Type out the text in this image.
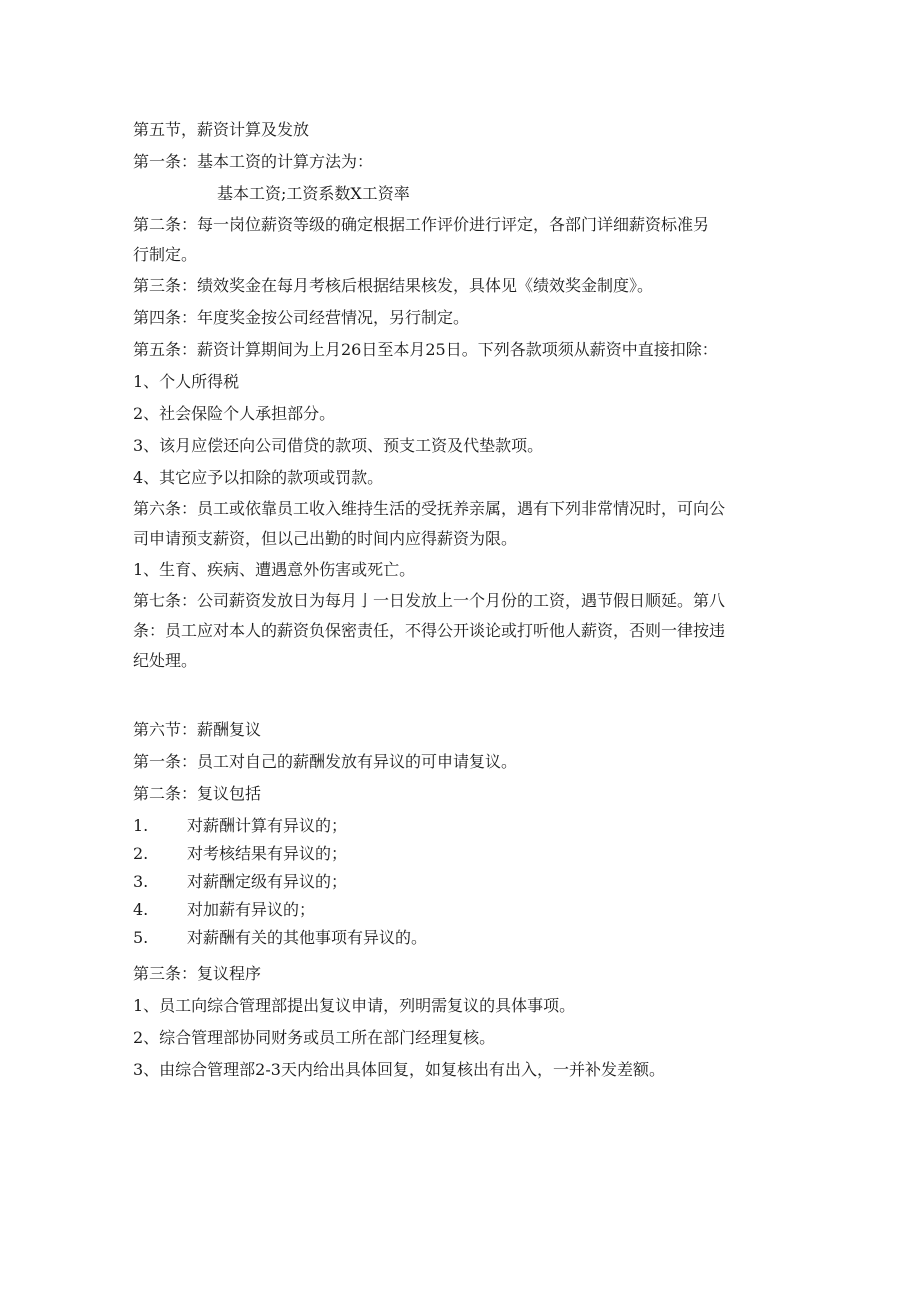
第五节，薪资计算及发放
第一条：基本工资的计算方法为：
基本工资;工资系数X工资率
第二条：每一岗位薪资等级的确定根据工作评价进行评定，各部门详细薪资标准另
行制定。
第三条：绩效奖金在每月考核后根据结果核发，具体见《绩效奖金制度》。
第四条：年度奖金按公司经营情况，另行制定。
第五条：薪资计算期间为上月26日至本月25日。下列各款项须从薪资中直接扣除：
1、个人所得税
2、社会保险个人承担部分。
3、该月应偿还向公司借贷的款项、预支工资及代垫款项。
4、其它应予以扣除的款项或罚款。
第六条：员工或依靠员工收入维持生活的受抚养亲属，遇有下列非常情况时，可向公
司申请预支薪资，但以己出勤的时间内应得薪资为限。
1、生育、疾病、遭遇意外伤害或死亡。
第七条：公司薪资发放日为每月亅一日发放上一个月份的工资，遇节假日顺延。第八
条：员工应对本人的薪资负保密责任，不得公开谈论或打听他人薪资，否则一律按违
纪处理。
第六节：薪酬复议
第一条：员工对自己的薪酬发放有异议的可申请复议。
第二条：复议包括
1.	对薪酬计算有异议的；
2.	对考核结果有异议的；
3.	对薪酬定级有异议的；
4.	对加薪有异议的；
5.	对薪酬有关的其他事项有异议的。
第三条：复议程序
1、员工向综合管理部提出复议申请，列明需复议的具体事项。
2、综合管理部协同财务或员工所在部门经理复核。
3、由综合管理部2-3天内给出具体回复，如复核出有出入，一并补发差额。
